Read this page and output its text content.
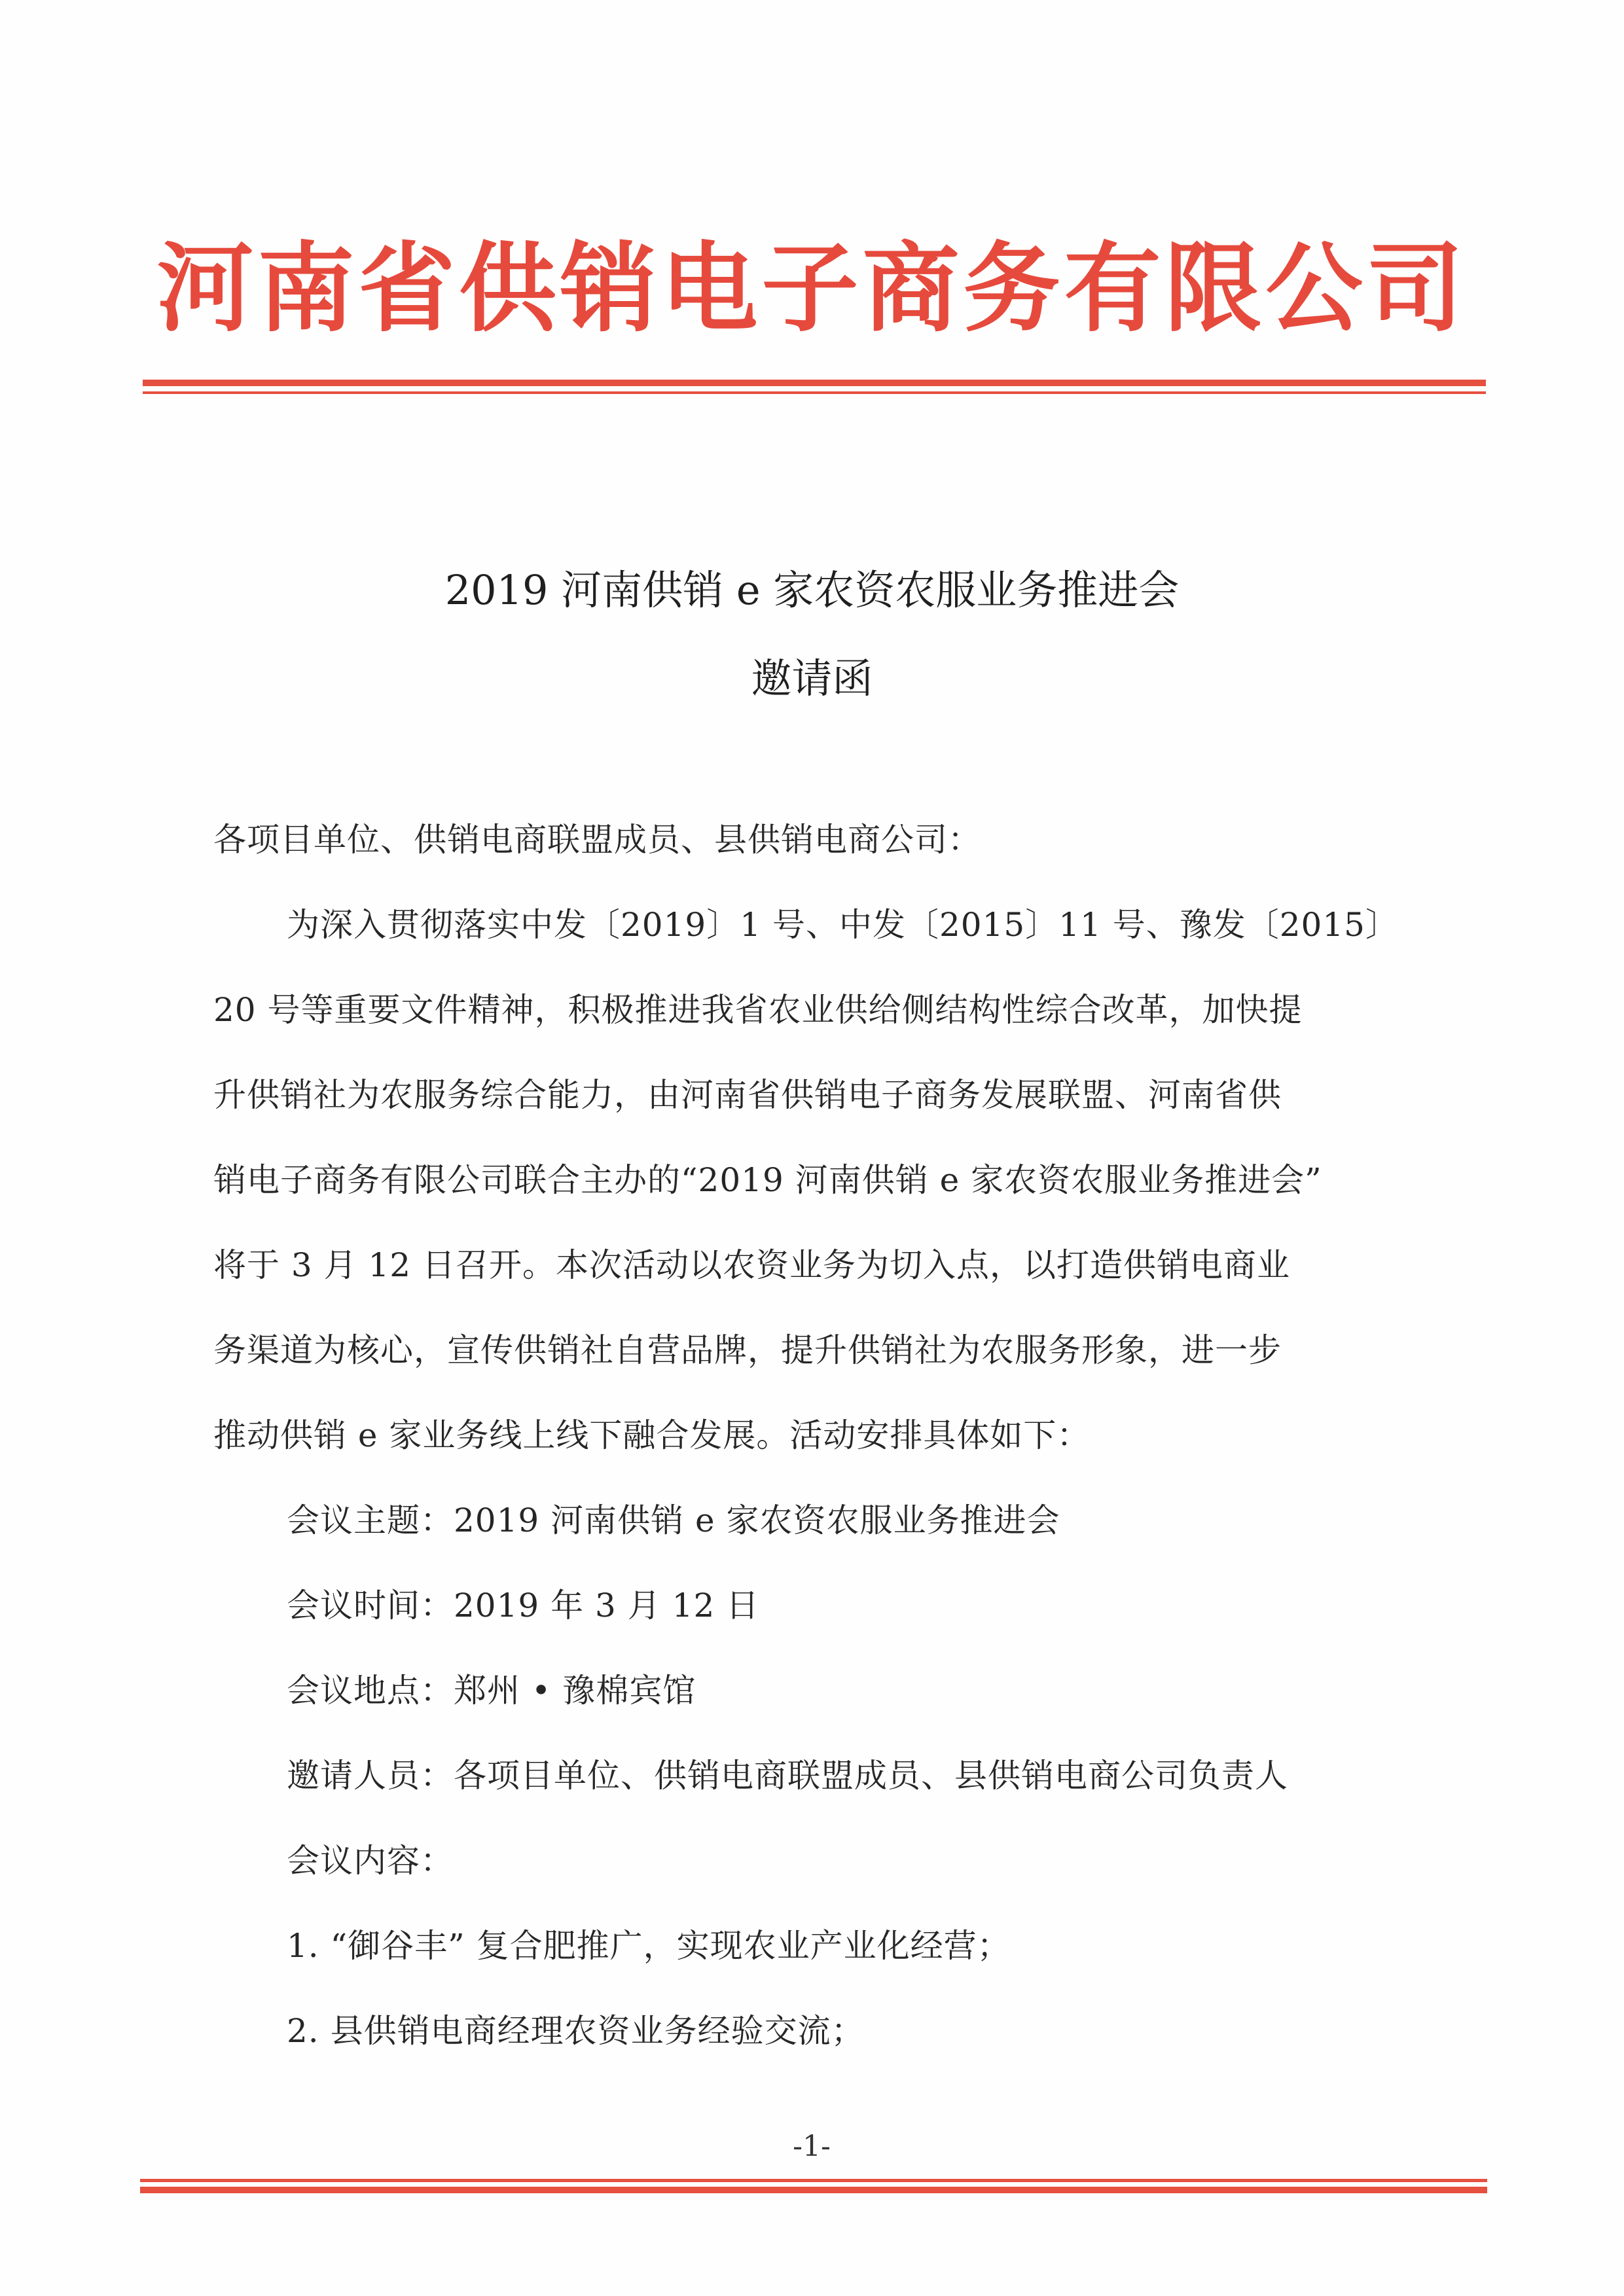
河南省供销电子商务有限公司
2019 河南供销 e 家农资农服业务推进会
邀请函
各项目单位、供销电商联盟成员、县供销电商公司：
为深入贯彻落实中发〔2019〕1 号、中发〔2015〕11 号、豫发〔2015〕
20 号等重要文件精神，积极推进我省农业供给侧结构性综合改革，加快提
升供销社为农服务综合能力，由河南省供销电子商务发展联盟、河南省供
销电子商务有限公司联合主办的“2019 河南供销 e 家农资农服业务推进会”
将于 3 月 12 日召开。本次活动以农资业务为切入点，以打造供销电商业
务渠道为核心，宣传供销社自营品牌，提升供销社为农服务形象，进一步
推动供销 e 家业务线上线下融合发展。活动安排具体如下：
会议主题：2019 河南供销 e 家农资农服业务推进会
会议时间：2019 年 3 月 12 日
会议地点：郑州 • 豫棉宾馆
邀请人员：各项目单位、供销电商联盟成员、县供销电商公司负责人
会议内容：
1. “御谷丰” 复合肥推广，实现农业产业化经营；
2. 县供销电商经理农资业务经验交流；
-1-
